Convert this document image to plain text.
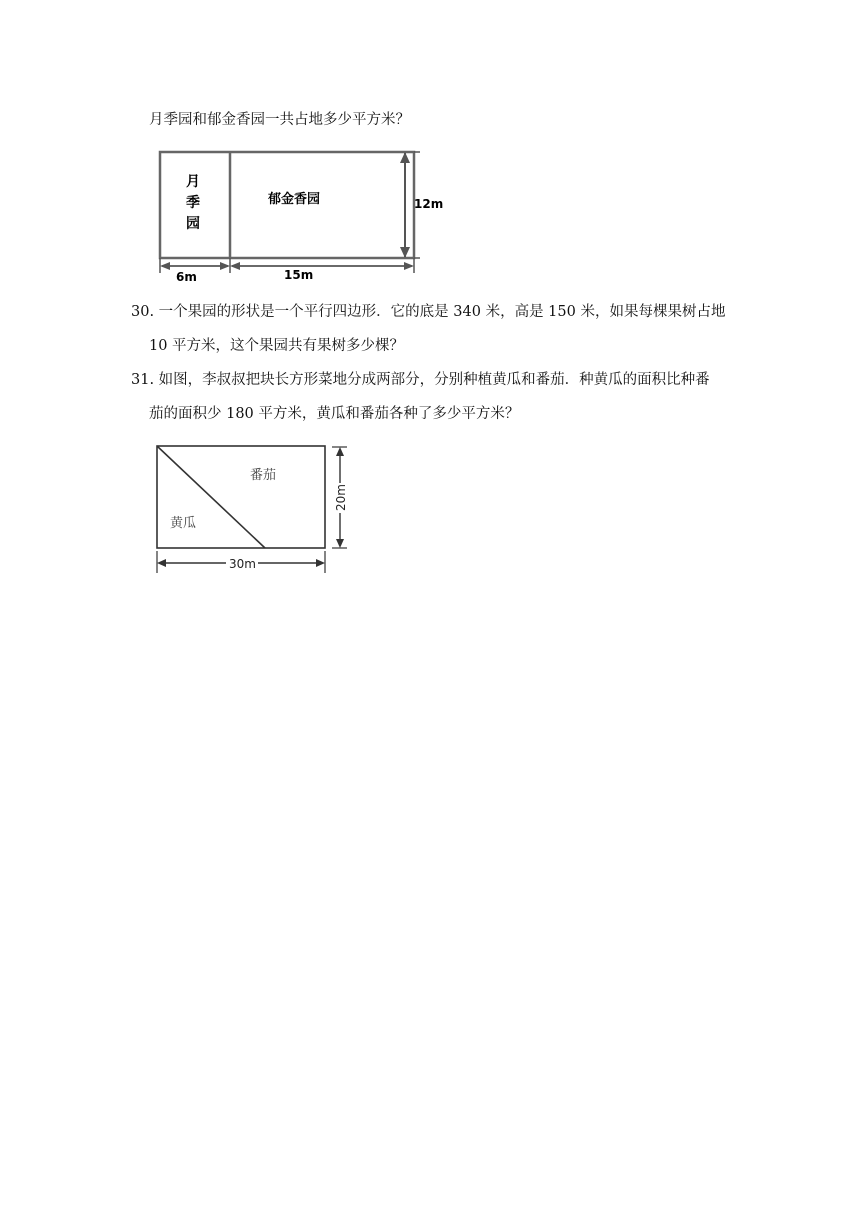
月季园和郁金香园一共占地多少平方米？
月
季
园
郁金香园	12m
6m	15m
30. 一个果园的形状是一个平行四边形．它的底是 340 米，高是 150 米，如果每棵果树占地
10 平方米，这个果园共有果树多少棵？
31. 如图，李叔叔把块长方形菜地分成两部分，分别种植黄瓜和番茄．种黄瓜的面积比种番
茄的面积少 180 平方米，黄瓜和番茄各种了多少平方米？
番茄
黄瓜
20m
30m
